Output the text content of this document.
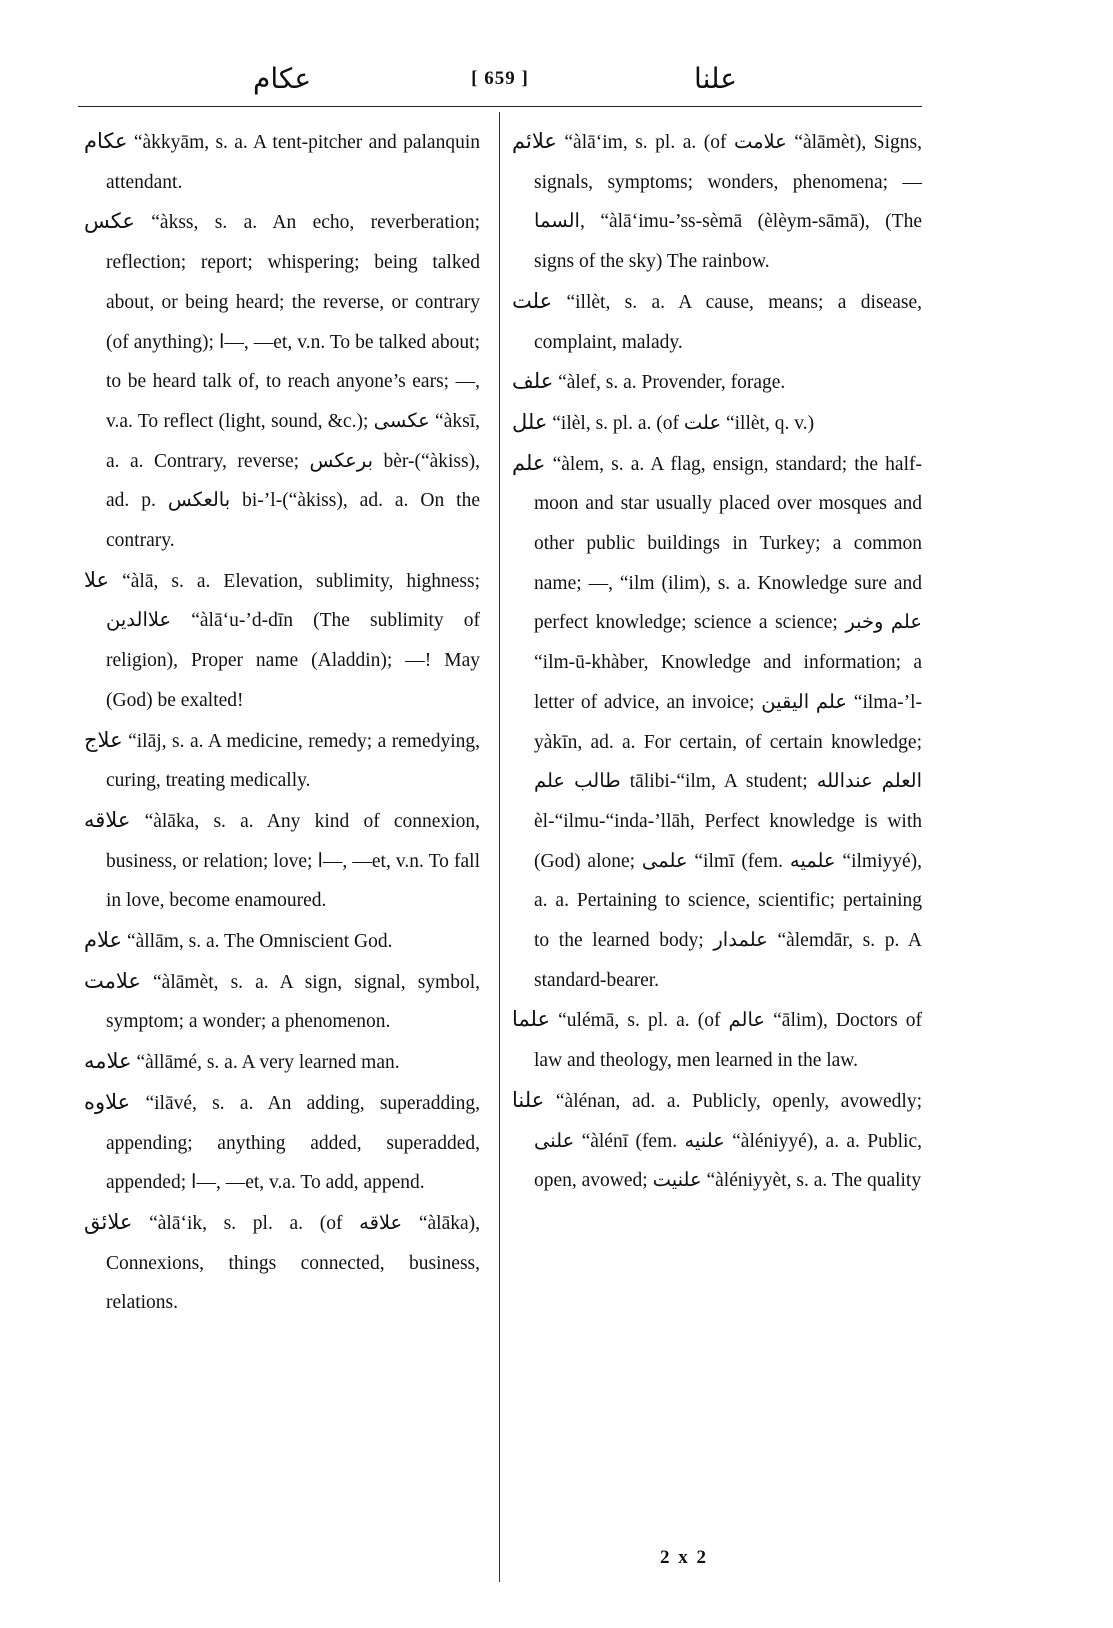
عكام	[ 659 ]	علنا

عكام “àkkyām, s. a. A tent-pitcher and palanquin attendant.

عكس “àkss, s. a. An echo, reverberation; reflection; report; whispering; being talked about, or being heard; the reverse, or contrary (of anything); ا—, —et, v.n. To be talked about; to be heard talk of, to reach anyone’s ears; —, v.a. To reflect (light, sound, &c.); عكسى “àksī, a. a. Contrary, reverse; برعكس bèr-(“àkiss), ad. p. بالعكس bi-’l-(“àkiss), ad. a. On the contrary.

علا “àlā, s. a. Elevation, sublimity, highness; علاالدين “àlā‘u-’d-dīn (The sublimity of religion), Proper name (Aladdin); —! May (God) be exalted!

علاج “ilāj, s. a. A medicine, remedy; a remedying, curing, treating medically.

علاقه “àlāka, s. a. Any kind of connexion, business, or relation; love; ا—, —et, v.n. To fall in love, become enamoured.

علام “àllām, s. a. The Omniscient God.

علامت “àlāmèt, s. a. A sign, signal, symbol, symptom; a wonder; a phenomenon.

علامه “àllāmé, s. a. A very learned man.

علاوه “ilāvé, s. a. An adding, superadding, appending; anything added, superadded, appended; ا—, —et, v.a. To add, append.

علائق “àlā‘ik, s. pl. a. (of علاقه “àlāka), Connexions, things connected, business, relations.

علائم “àlā‘im, s. pl. a. (of علامت “àlāmèt), Signs, signals, symptoms; wonders, phenomena; —السما, “àlā‘imu-’ss-sèmā (èlèym-sāmā), (The signs of the sky) The rainbow.

علت “illèt, s. a. A cause, means; a disease, complaint, malady.

علف “àlef, s. a. Provender, forage.

علل “ilèl, s. pl. a. (of علت “illèt, q. v.)

علم “àlem, s. a. A flag, ensign, standard; the half-moon and star usually placed over mosques and other public buildings in Turkey; a common name; —, “ilm (ilim), s. a. Knowledge sure and perfect knowledge; science a science; علم وخبر “ilm-ū-khàber, Knowledge and information; a letter of advice, an invoice; علم اليقين “ilma-’l-yàkīn, ad. a. For certain, of certain knowledge; طالب علم tālibi-“ilm, A student; العلم عندالله èl-“ilmu-“inda-’llāh, Perfect knowledge is with (God) alone; علمى “ilmī (fem. علميه “ilmiyyé), a. a. Pertaining to science, scientific; pertaining to the learned body; علمدار “àlemdār, s. p. A standard-bearer.

علما “ulémā, s. pl. a. (of عالم “ālim), Doctors of law and theology, men learned in the law.

علنا “àlénan, ad. a. Publicly, openly, avowedly; علنى “àlénī (fem. علنيه “àléniyyé), a. a. Public, open, avowed; علنيت “àléniyyèt, s. a. The quality

2 x 2
